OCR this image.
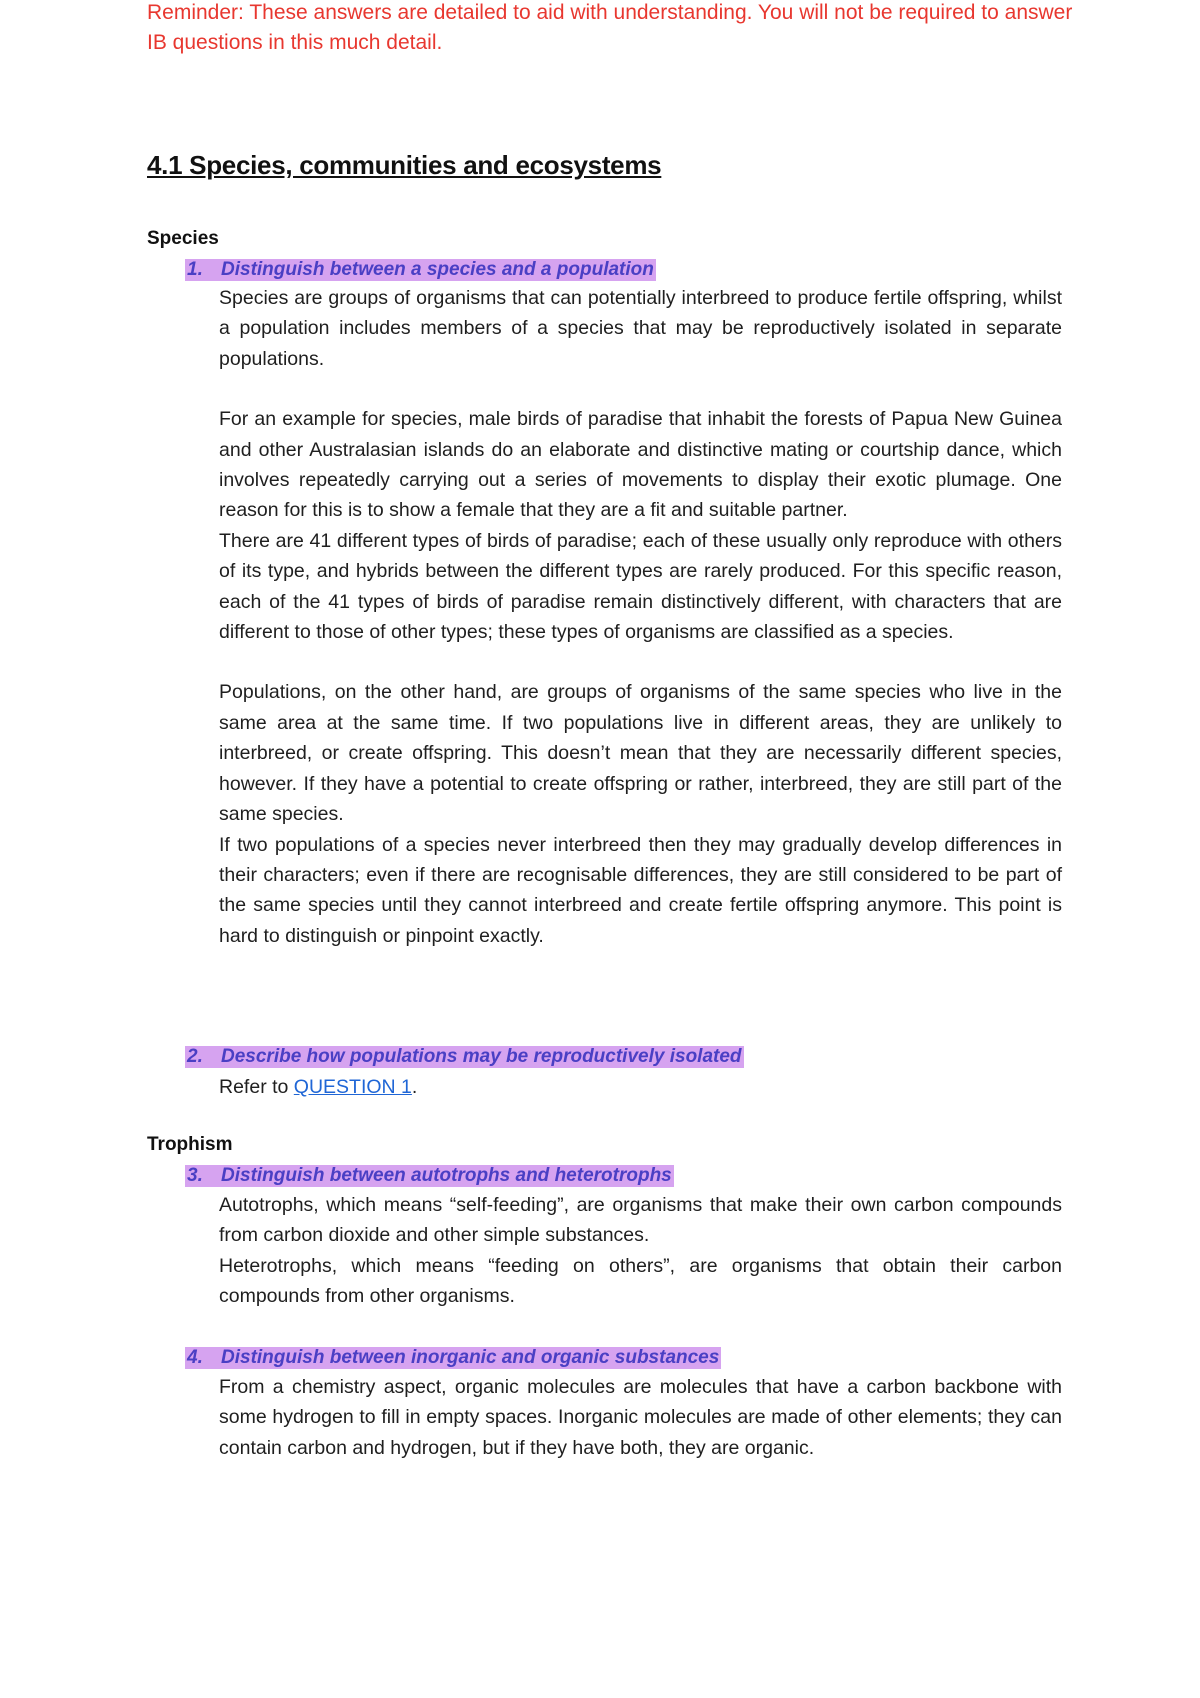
Reminder: These answers are detailed to aid with understanding. You will not be required to answer IB questions in this much detail.

4.1 Species, communities and ecosystems
Species

1. Distinguish between a species and a population

Species are groups of organisms that can potentially interbreed to produce fertile offspring, whilst a population includes members of a species that may be reproductively isolated in separate populations.

For an example for species, male birds of paradise that inhabit the forests of Papua New Guinea and other Australasian islands do an elaborate and distinctive mating or courtship dance, which involves repeatedly carrying out a series of movements to display their exotic plumage. One reason for this is to show a female that they are a fit and suitable partner.

There are 41 different types of birds of paradise; each of these usually only reproduce with others of its type, and hybrids between the different types are rarely produced. For this specific reason, each of the 41 types of birds of paradise remain distinctively different, with characters that are different to those of other types; these types of organisms are classified as a species.

Populations, on the other hand, are groups of organisms of the same species who live in the same area at the same time. If two populations live in different areas, they are unlikely to interbreed, or create offspring. This doesn’t mean that they are necessarily different species, however. If they have a potential to create offspring or rather, interbreed, they are still part of the same species.

If two populations of a species never interbreed then they may gradually develop differences in their characters; even if there are recognisable differences, they are still considered to be part of the same species until they cannot interbreed and create fertile offspring anymore. This point is hard to distinguish or pinpoint exactly.

2. Describe how populations may be reproductively isolated

Refer to QUESTION 1.

Trophism

3. Distinguish between autotrophs and heterotrophs

Autotrophs, which means “self-feeding”, are organisms that make their own carbon compounds from carbon dioxide and other simple substances.

Heterotrophs, which means “feeding on others”, are organisms that obtain their carbon compounds from other organisms.

4. Distinguish between inorganic and organic substances

From a chemistry aspect, organic molecules are molecules that have a carbon backbone with some hydrogen to fill in empty spaces. Inorganic molecules are made of other elements; they can contain carbon and hydrogen, but if they have both, they are organic.
